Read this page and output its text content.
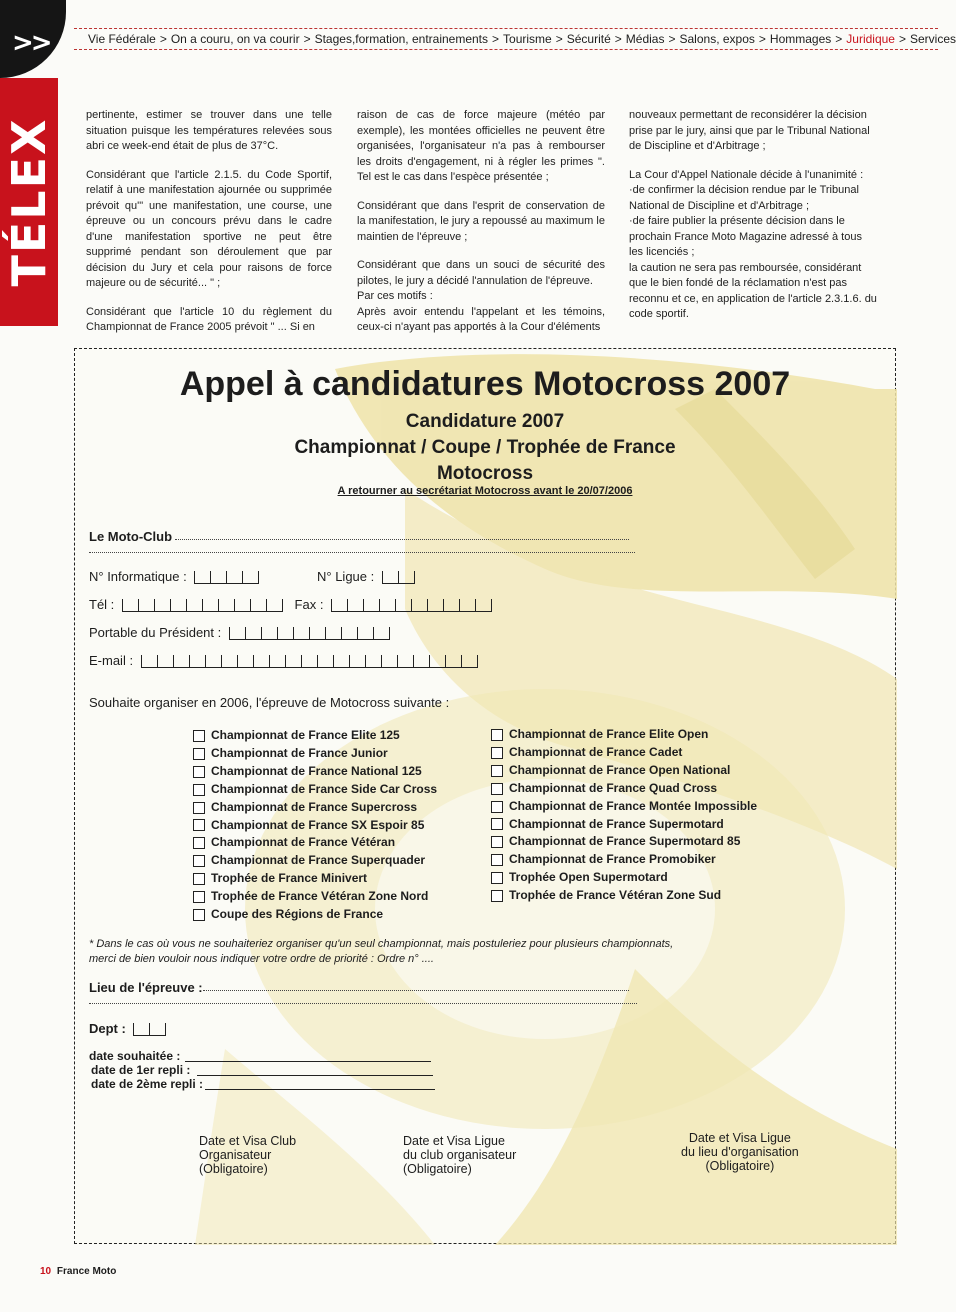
>>
TÉLEX
Vie Fédérale > On a couru, on va courir > Stages,formation, entrainements > Tourisme > Sécurité > Médias > Salons, expos > Hommages > Juridique > Services

pertinente, estimer se trouver dans une telle situation puisque les températures relevées sous abri ce week-end était de plus de 37°C.

Considérant que l'article 2.1.5. du Code Sportif, relatif à une manifestation ajournée ou supprimée prévoit qu'" une manifestation, une course, une épreuve ou un concours prévu dans le cadre d'une manifestation sportive ne peut être supprimé pendant son déroulement que par décision du Jury et cela pour raisons de force majeure ou de sécurité... " ;

Considérant que l'article 10 du règlement du Championnat de France 2005 prévoit " ... Si en

raison de cas de force majeure (météo par exemple), les montées officielles ne peuvent être organisées, l'organisateur n'a pas à rembourser les droits d'engagement, ni à régler les primes ". Tel est le cas dans l'espèce présentée ;

Considérant que dans l'esprit de conservation de la manifestation, le jury a repoussé au maximum le maintien de l'épreuve ;

Considérant que dans un souci de sécurité des pilotes, le jury a décidé l'annulation de l'épreuve.

Par ces motifs :

Après avoir entendu l'appelant et les témoins, ceux-ci n'ayant pas apportés à la Cour d'éléments

nouveaux permettant de reconsidérer la décision prise par le jury, ainsi que par le Tribunal National de Discipline et d'Arbitrage ;

La Cour d'Appel Nationale décide à l'unanimité :

·de confirmer la décision rendue par le Tribunal National de Discipline et d'Arbitrage ;

·de faire publier la présente décision dans le prochain France Moto Magazine adressé à tous les licenciés ;

la caution ne sera pas remboursée, considérant que le bien fondé de la réclamation n'est pas reconnu et ce, en application de l'article 2.3.1.6. du code sportif.

Appel à candidatures Motocross 2007
Candidature 2007
Championnat / Coupe / Trophée de France
Motocross
A retourner au secrétariat Motocross avant le 20/07/2006
Le Moto-Club
N° Informatique :	N° Ligue :
Tél :	Fax :
Portable du Président :
E-mail :
Souhaite organiser en 2006, l'épreuve de Motocross suivante :
Championnat de France Elite 125
Championnat de France Junior
Championnat de France National 125
Championnat de France Side Car Cross
Championnat de France Supercross
Championnat de France SX Espoir 85
Championnat de France Vétéran
Championnat de France Superquader
Trophée de France Minivert
Trophée de France Vétéran Zone Nord
Coupe des Régions de France
Championnat de France Elite Open
Championnat de France Cadet
Championnat de France Open National
Championnat de France Quad Cross
Championnat de France Montée Impossible
Championnat de France Supermotard
Championnat de France Supermotard 85
Championnat de France Promobiker
Trophée Open Supermotard
Trophée de France Vétéran Zone Sud
* Dans le cas où vous ne souhaiteriez organiser qu'un seul championnat, mais postuleriez pour plusieurs championnats,
merci de bien vouloir nous indiquer votre ordre de priorité : Ordre n° ....
Lieu de l'épreuve :
Dept :
date souhaitée :
date de 1er repli :
date de 2ème repli :
Date et Visa Club
Organisateur
(Obligatoire)
Date et Visa Ligue
du club organisateur
(Obligatoire)
Date et Visa Ligue
du lieu d'organisation
(Obligatoire)
10 France Moto
